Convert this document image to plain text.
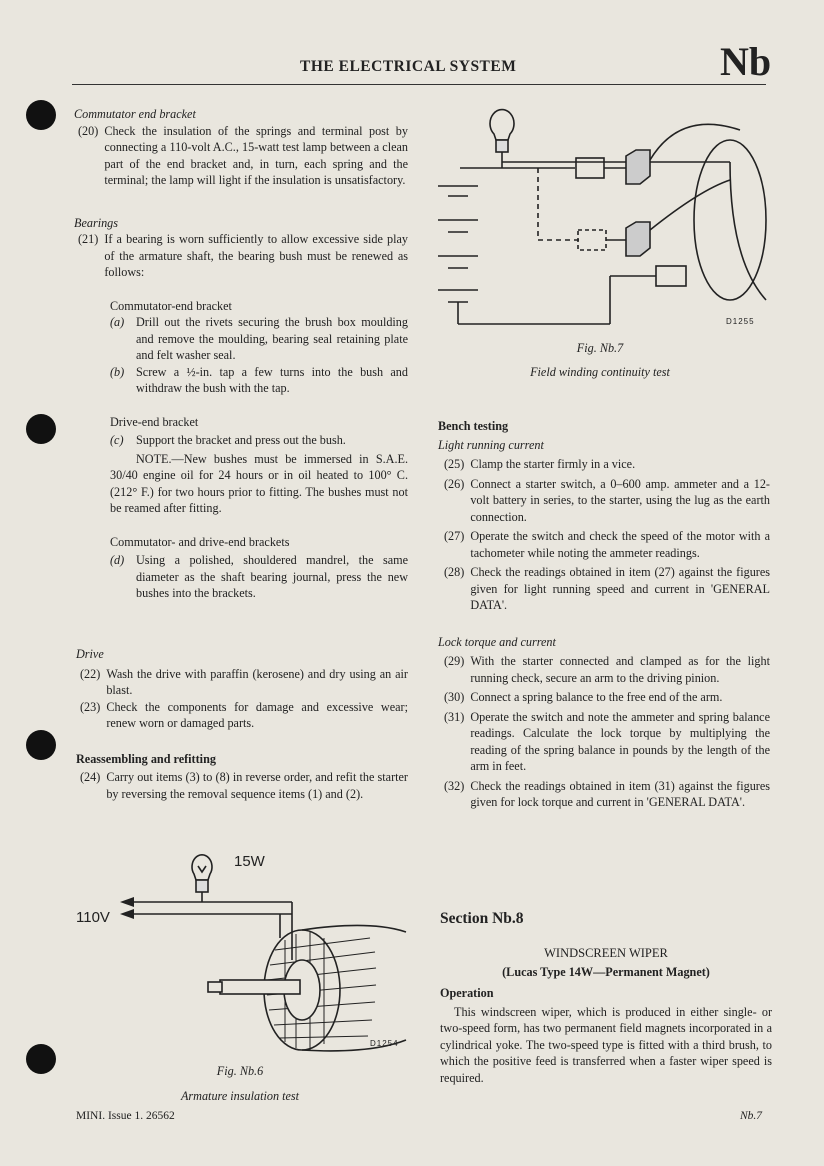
THE ELECTRICAL SYSTEM	Nb

Commutator end bracket

(20) Check the insulation of the springs and terminal post by connecting a 110-volt A.C., 15-watt test lamp between a clean part of the end bracket and, in turn, each spring and the terminal; the lamp will light if the insulation is unsatisfactory.

Bearings

(21) If a bearing is worn sufficiently to allow excessive side play of the armature shaft, the bearing bush must be renewed as follows:

Commutator-end bracket

(a) Drill out the rivets securing the brush box moulding and remove the moulding, bearing seal retaining plate and felt washer seal.
(b) Screw a ½-in. tap a few turns into the bush and withdraw the bush with the tap.

Drive-end bracket

(c)	Support the bracket and press out the bush.

NOTE.—New bushes must be immersed in S.A.E. 30/40 engine oil for 24 hours or in oil heated to 100° C. (212° F.) for two hours prior to fitting. The bushes must not be reamed after fitting.

Commutator- and drive-end brackets

(d) Using a polished, shouldered mandrel, the same diameter as the shaft bearing journal, press the new bushes into the brackets.

Drive

(22) Wash the drive with paraffin (kerosene) and dry using an air blast.
(23) Check the components for damage and excessive wear; renew worn or damaged parts.

Reassembling and refitting

(24) Carry out items (3) to (8) in reverse order, and refit the starter by reversing the removal sequence items (1) and (2).
15W
110V
D1254
Fig. Nb.6
Armature insulation test
D1255
Fig. Nb.7
Field winding continuity test

Bench testing

Light running current

(25) Clamp the starter firmly in a vice.
(26) Connect a starter switch, a 0–600 amp. ammeter and a 12-volt battery in series, to the starter, using the lug as the earth connection.
(27) Operate the switch and check the speed of the motor with a tachometer while noting the ammeter readings.
(28) Check the readings obtained in item (27) against the figures given for light running speed and current in 'GENERAL DATA'.

Lock torque and current

(29) With the starter connected and clamped as for the light running check, secure an arm to the driving pinion.
(30) Connect a spring balance to the free end of the arm.
(31) Operate the switch and note the ammeter and spring balance readings. Calculate the lock torque by multiplying the reading of the spring balance in pounds by the length of the arm in feet.
(32) Check the readings obtained in item (31) against the figures given for lock torque and current in 'GENERAL DATA'.
Section Nb.8
WINDSCREEN WIPER
(Lucas Type 14W—Permanent Magnet)

Operation

This windscreen wiper, which is produced in either single- or two-speed form, has two permanent field magnets incorporated in a cylindrical yoke. The two-speed type is fitted with a third brush, to which the positive feed is transferred when a faster wiper speed is required.

MINI. Issue 1. 26562	Nb.7
